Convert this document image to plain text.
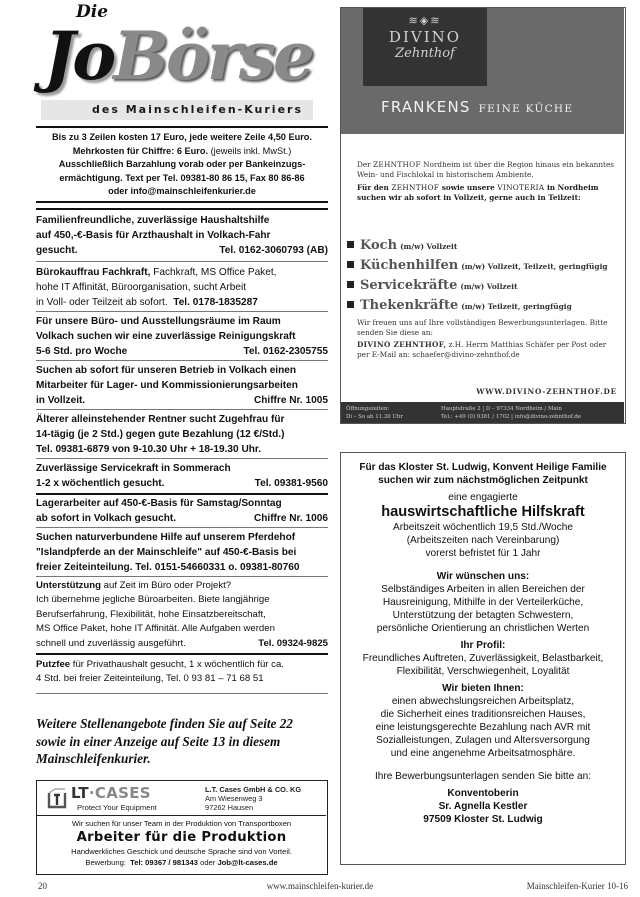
Die
JoBörse
des Mainschleifen-Kuriers
Bis zu 3 Zeilen kosten 17 Euro, jede weitere Zeile 4,50 Euro.
Mehrkosten für Chiffre: 6 Euro. (jeweils inkl. MwSt.)
Ausschließlich Barzahlung vorab oder per Bankeinzugs-
ermächtigung. Text per Tel. 09381-80 86 15, Fax 80 86-86
oder info@mainschleifenkurier.de
Familienfreundliche, zuverlässige Haushaltshilfe
auf 450,-€-Basis für Arzthaushalt in Volkach-Fahr
gesucht.	Tel. 0162-3060793 (AB)
Bürokauffrau Fachkraft, Fachkraft, MS Office Paket,
hohe IT Affinität, Büroorganisation, sucht Arbeit
in Voll- oder Teilzeit ab sofort. Tel. 0178-1835287
Für unsere Büro- und Ausstellungsräume im Raum
Volkach suchen wir eine zuverlässige Reinigungskraft
5-6 Std. pro Woche	Tel. 0162-2305755
Suchen ab sofort für unseren Betrieb in Volkach einen
Mitarbeiter für Lager- und Kommissionierungsarbeiten
in Vollzeit.	Chiffre Nr. 1005
Älterer alleinstehender Rentner sucht Zugehfrau für
14-tägig (je 2 Std.) gegen gute Bezahlung (12 €/Std.)
Tel. 09381-6879 von 9-10.30 Uhr + 18-19.30 Uhr.
Zuverlässige Servicekraft in Sommerach
1-2 x wöchentlich gesucht.	Tel. 09381-9560
Lagerarbeiter auf 450-€-Basis für Samstag/Sonntag
ab sofort in Volkach gesucht.	Chiffre Nr. 1006
Suchen naturverbundene Hilfe auf unserem Pferdehof
"Islandpferde an der Mainschleife" auf 450-€-Basis bei
freier Zeiteinteilung. Tel. 0151-54660331 o. 09381-80760
Unterstützung auf Zeit im Büro oder Projekt?
Ich übernehme jegliche Büroarbeiten. Biete langjährige
Berufserfahrung, Flexibilität, hohe Einsatzbereitschaft,
MS Office Paket, hohe IT Affinität. Alle Aufgaben werden
schnell und zuverlässig ausgeführt.	Tel. 09324-9825
Putzfee für Privathaushalt gesucht, 1 x wöchentlich für ca.
4 Std. bei freier Zeiteinteilung, Tel. 0 93 81 – 71 68 51
Weitere Stellenangebote finden Sie auf Seite 22
sowie in einer Anzeige auf Seite 13 in diesem
Mainschleifenkurier.
LT·CASES
Protect Your Equipment
L.T. Cases GmbH & CO. KG
Am Wiesenweg 3
97262 Hausen
Wir suchen für unser Team in der Produktion von Transportboxen
Arbeiter für die Produktion
Handwerkliches Geschick und deutsche Sprache sind von Vorteil.
Bewerbung: Tel: 09367 / 981343 oder Job@lt-cases.de
≋◈≋
DIVINO
Zehnthof
FRANKENS FEINE KÜCHE

Der ZEHNTHOF Nordheim ist über die Region hinaus ein bekanntes Wein- und Fischlokal in historischem Ambiente.

Für den ZEHNTHOF sowie unsere VINOTERIA in Nordheim suchen wir ab sofort in Vollzeit, gerne auch in Teilzeit:

Koch (m/w) Vollzeit
Küchenhilfen (m/w) Vollzeit, Teilzeit, geringfügig
Servicekräfte (m/w) Vollzeit
Thekenkräfte (m/w) Teilzeit, geringfügig

Wir freuen uns auf Ihre vollständigen Bewerbungsunterlagen. Bitte senden Sie diese an:

DIVINO ZEHNTHOF, z.H. Herrn Matthias Schäfer per Post oder per E-Mail an: schaefer@divino-zehnthof.de

WWW.DIVINO-ZEHNTHOF.DE
Öffnungszeiten:
Di – So ab 11.30 Uhr
Hauptstraße 2 | D – 97334 Nordheim / Main
Tel.: +49 (0) 9381 / 1702 | info@divino-zehnthof.de
Für das Kloster St. Ludwig, Konvent Heilige Familie
suchen wir zum nächstmöglichen Zeitpunkt
eine engagierte
hauswirtschaftliche Hilfskraft
Arbeitszeit wöchentlich 19,5 Std./Woche
(Arbeitszeiten nach Vereinbarung)
vorerst befristet für 1 Jahr
Wir wünschen uns:
Selbständiges Arbeiten in allen Bereichen der
Hausreinigung, Mithilfe in der Verteilerküche,
Unterstützung der betagten Schwestern,
persönliche Orientierung an christlichen Werten
Ihr Profil:
Freundliches Auftreten, Zuverlässigkeit, Belastbarkeit,
Flexibilität, Verschwiegenheit, Loyalität
Wir bieten Ihnen:
einen abwechslungsreichen Arbeitsplatz,
die Sicherheit eines traditionsreichen Hauses,
eine leistungsgerechte Bezahlung nach AVR mit
Sozialleistungen, Zulagen und Altersversorgung
und eine angenehme Arbeitsatmosphäre.
Ihre Bewerbungsunterlagen senden Sie bitte an:
Konventoberin
Sr. Agnella Kestler
97509 Kloster St. Ludwig
20	www.mainschleifen-kurier.de	Mainschleifen-Kurier 10-16
